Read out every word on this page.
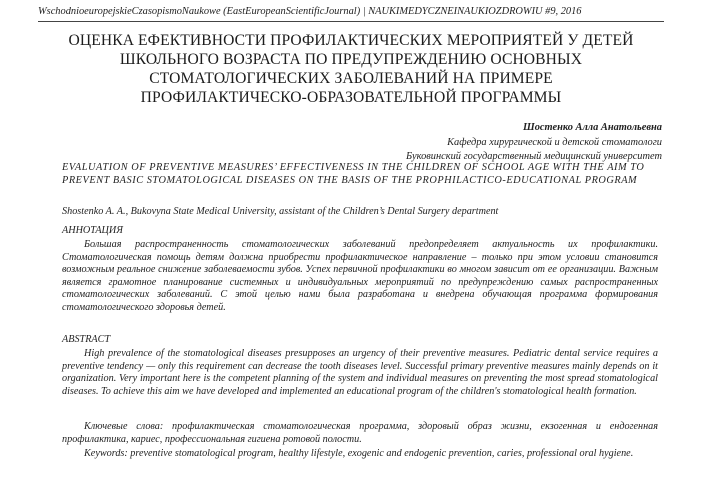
WschodnioeuropejskieCzasopismoNaukowe (EastEuropeanScientificJournal) | NAUKIMEDYCZNEINAUKIOZDROWIU #9, 2016
ОЦЕНКА ЕФЕКТИВНОСТИ ПРОФИЛАКТИЧЕСКИХ МЕРОПРИЯТЕЙ У ДЕТЕЙ
ШКОЛЬНОГО ВОЗРАСТА ПО ПРЕДУПРЕЖДЕНИЮ ОСНОВНЫХ
СТОМАТОЛОГИЧЕСКИХ ЗАБОЛЕВАНИЙ НА ПРИМЕРЕ
ПРОФИЛАКТИЧЕСКО-ОБРАЗОВАТЕЛЬНОЙ ПРОГРАММЫ
Шостенко Алла Анатольевна
Кафедра хирургической и детской стоматологи
Буковинский государственный медицинский университет
EVALUATION OF PREVENTIVE MEASURES’ EFFECTIVENESS IN THE CHILDREN OF SCHOOL AGE WITH THE AIM TO PREVENT BASIC STOMATOLOGICAL DISEASES ON THE BASIS OF THE PROPHILACTICO-EDUCATIONAL PROGRAM
Shostenko A. A., Bukovyna State Medical University, assistant of the Children’s Dental Surgery department
АННОТАЦИЯ

Большая распространенность стоматологических заболеваний предопределяет актуальность их профилактики. Стоматологическая помощь детям должна приобрести профилактическое направление – только при этом условии становится возможным реальное снижение заболеваемости зубов. Успех первичной профилактики во многом зависит от ее организации. Важным является грамотное планирование системных и индивидуальных мероприятий по предупреждению самых распространенных стоматологических заболеваний. С этой целью нами была разработана и внедрена обучающая программа формирования стоматологического здоровья детей.

ABSTRACT

High prevalence of the stomatological diseases presupposes an urgency of their preventive measures. Pediatric dental service requires a preventive tendency — only this requirement can decrease the tooth diseases level. Successful primary preventive measures mainly depends on it organization. Very important here is the competent planning of the system and individual measures on preventing the most spread stomatological diseases. To achieve this aim we have developed and implemented an educational program of the children's stomatological health formation.

Ключевые слова: профилактическая стоматологическая программа, здоровый образ жизни, екзогенная и ендогенная профилактика, кариес, профессиональная гигиена ротовой полости.

Keywords: preventive stomatological program, healthy lifestyle, exogenic and endogenic prevention, caries, professional oral hygiene.
